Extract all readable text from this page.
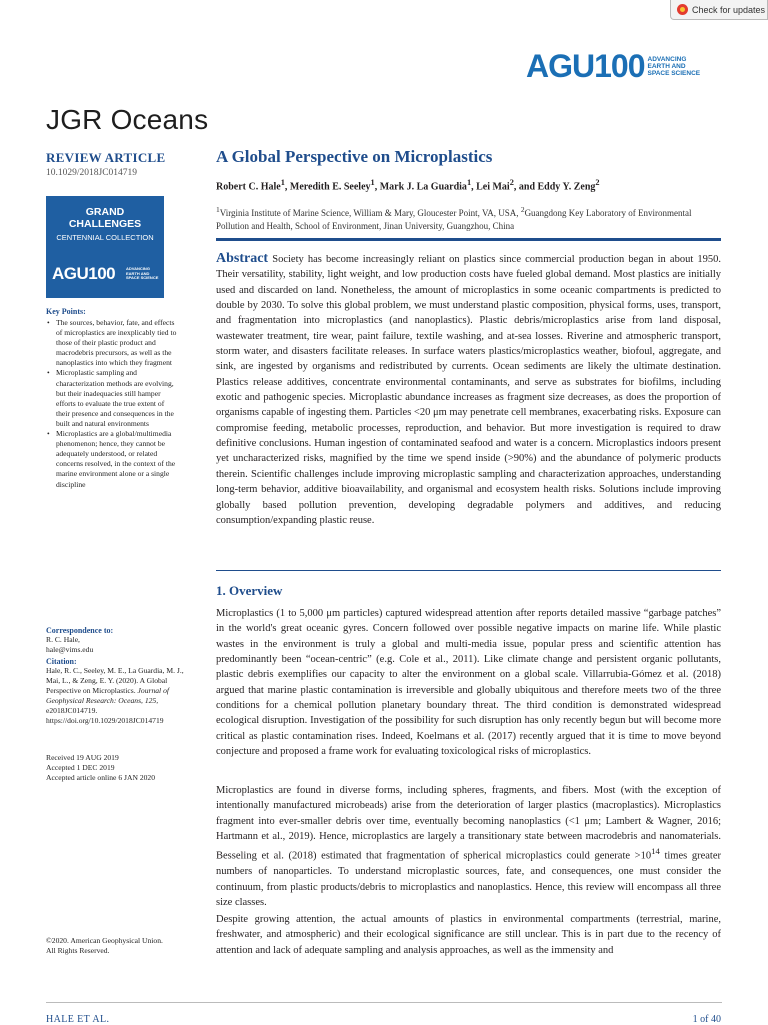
Check for updates
AGU100 ADVANCING
EARTH AND
SPACE SCIENCE
JGR Oceans
REVIEW ARTICLE
10.1029/2018JC014719
GRAND
CHALLENGES
CENTENNIAL COLLECTION
AGU100	ADVANCING
EARTH AND
SPACE SCIENCE
Key Points:
• The sources, behavior, fate, and effects of microplastics are inexplicably tied to those of their plastic product and macrodebris precursors, as well as the nanoplastics into which they fragment
• Microplastic sampling and characterization methods are evolving, but their inadequacies still hamper efforts to evaluate the true extent of their presence and consequences in the built and natural environments
• Microplastics are a global/multimedia phenomenon; hence, they cannot be adequately understood, or related concerns resolved, in the context of the marine environment alone or a single discipline
Correspondence to:
R. C. Hale,
hale@vims.edu
Citation:
Hale, R. C., Seeley, M. E., La Guardia, M. J., Mai, L., & Zeng, E. Y. (2020). A Global Perspective on Microplastics. Journal of Geophysical Research: Oceans, 125, e2018JC014719. https://doi.org/10.1029/2018JC014719
Received 19 AUG 2019
Accepted 1 DEC 2019
Accepted article online 6 JAN 2020
©2020. American Geophysical Union.
All Rights Reserved.
A Global Perspective on Microplastics
Robert C. Hale$^1$, Meredith E. Seeley$^1$, Mark J. La Guardia$^1$, Lei Mai$^2$, and Eddy Y. Zeng$^2$
$^1$Virginia Institute of Marine Science, William & Mary, Gloucester Point, VA, USA, $^2$Guangdong Key Laboratory of Environmental Pollution and Health, School of Environment, Jinan University, Guangzhou, China

Abstract Society has become increasingly reliant on plastics since commercial production began in about 1950. Their versatility, stability, light weight, and low production costs have fueled global demand. Most plastics are initially used and discarded on land. Nonetheless, the amount of microplastics in some oceanic compartments is predicted to double by 2030. To solve this global problem, we must understand plastic composition, physical forms, uses, transport, and fragmentation into microplastics (and nanoplastics). Plastic debris/microplastics arise from land disposal, wastewater treatment, tire wear, paint failure, textile washing, and at-sea losses. Riverine and atmospheric transport, storm water, and disasters facilitate releases. In surface waters plastics/microplastics weather, biofoul, aggregate, and sink, are ingested by organisms and redistributed by currents. Ocean sediments are likely the ultimate destination. Plastics release additives, concentrate environmental contaminants, and serve as substrates for biofilms, including exotic and pathogenic species. Microplastic abundance increases as fragment size decreases, as does the proportion of organisms capable of ingesting them. Particles <20 μm may penetrate cell membranes, exacerbating risks. Exposure can compromise feeding, metabolic processes, reproduction, and behavior. But more investigation is required to draw definitive conclusions. Human ingestion of contaminated seafood and water is a concern. Microplastics indoors present yet uncharacterized risks, magnified by the time we spend inside (>90%) and the abundance of polymeric products therein. Scientific challenges include improving microplastic sampling and characterization approaches, understanding long-term behavior, additive bioavailability, and organismal and ecosystem health risks. Solutions include improving globally based pollution prevention, developing degradable polymers and additives, and reducing consumption/expanding plastic reuse.

1. Overview

Microplastics (1 to 5,000 μm particles) captured widespread attention after reports detailed massive “garbage patches” in the world's great oceanic gyres. Concern followed over possible negative impacts on marine life. While plastic wastes in the environment is truly a global and multi-media issue, popular press and scientific attention has predominantly been “ocean-centric” (e.g. Cole et al., 2011). Like climate change and persistent organic pollutants, plastic debris exemplifies our capacity to alter the environment on a global scale. Villarrubia-Gómez et al. (2018) argued that marine plastic contamination is irreversible and globally ubiquitous and therefore meets two of the three conditions for a chemical pollution planetary boundary threat. The third condition is demonstrated widespread ecological disruption. Investigation of the possibility for such disruption has only recently begun but will become more critical as plastic contamination rises. Indeed, Koelmans et al. (2017) recently argued that it is time to move beyond conjecture and proposed a frame work for evaluating toxicological risks of microplastics.

Microplastics are found in diverse forms, including spheres, fragments, and fibers. Most (with the exception of intentionally manufactured microbeads) arise from the deterioration of larger plastics (macroplastics). Microplastics fragment into ever-smaller debris over time, eventually becoming nanoplastics (<1 μm; Lambert & Wagner, 2016; Hartmann et al., 2019). Hence, microplastics are largely a transitionary state between macrodebris and nanomaterials. Besseling et al. (2018) estimated that fragmentation of spherical microplastics could generate $>10^{14}$ times greater numbers of nanoparticles. To understand microplastic sources, fate, and consequences, one must consider the continuum, from plastic products/debris to microplastics and nanoplastics. Hence, this review will encompass all three size classes.

Despite growing attention, the actual amounts of plastics in environmental compartments (terrestrial, marine, freshwater, and atmospheric) and their ecological significance are still unclear. This is in part due to the recency of attention and lack of adequate sampling and analysis approaches, as well as the immensity and

HALE ET AL.	1 of 40
